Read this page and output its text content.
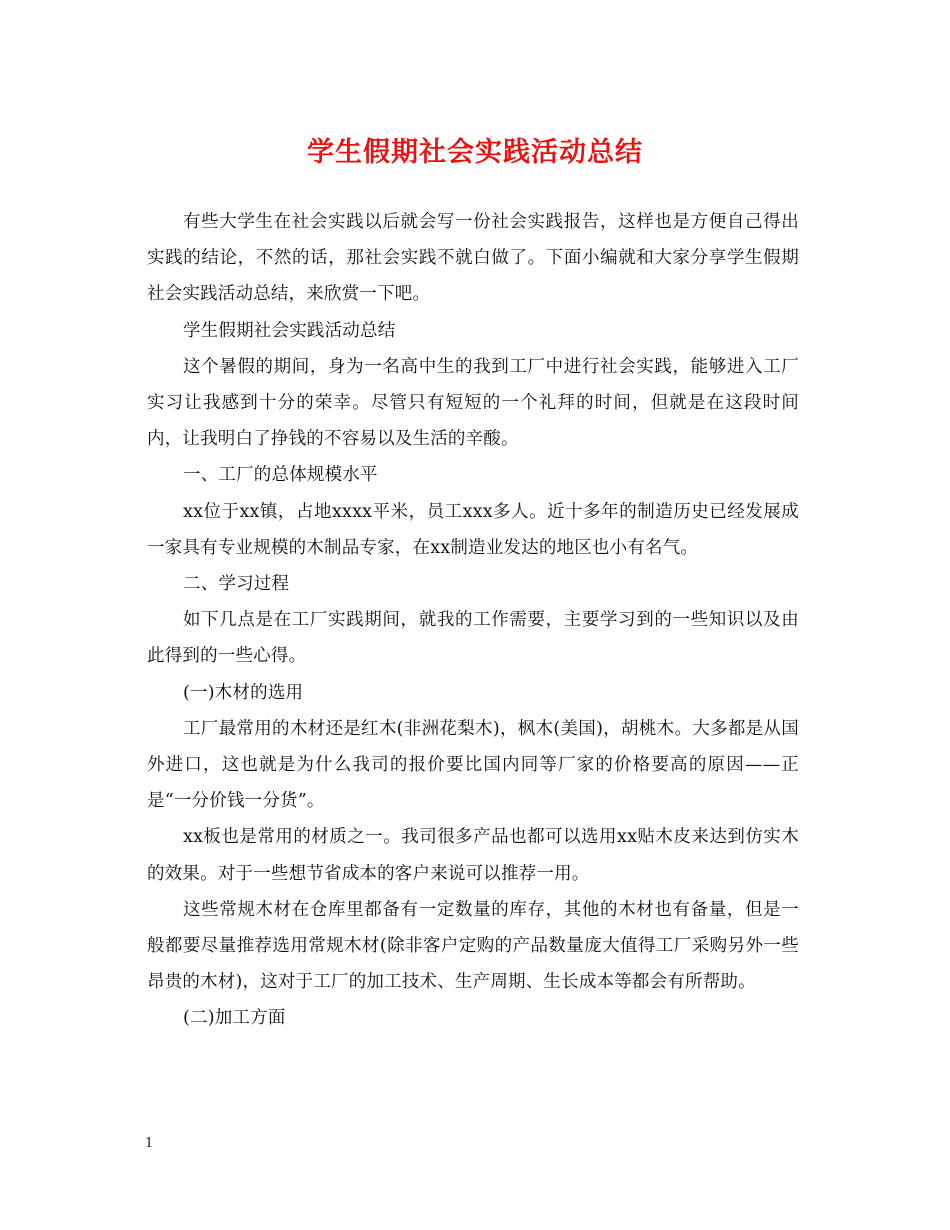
学生假期社会实践活动总结

有些大学生在社会实践以后就会写一份社会实践报告，这样也是方便自己得出实践的结论，不然的话，那社会实践不就白做了。下面小编就和大家分享学生假期社会实践活动总结，来欣赏一下吧。

学生假期社会实践活动总结

这个暑假的期间，身为一名高中生的我到工厂中进行社会实践，能够进入工厂实习让我感到十分的荣幸。尽管只有短短的一个礼拜的时间，但就是在这段时间内，让我明白了挣钱的不容易以及生活的辛酸。

一、工厂的总体规模水平

xx位于xx镇，占地xxxx平米，员工xxx多人。近十多年的制造历史已经发展成一家具有专业规模的木制品专家，在xx制造业发达的地区也小有名气。

二、学习过程

如下几点是在工厂实践期间，就我的工作需要，主要学习到的一些知识以及由此得到的一些心得。

(一)木材的选用

工厂最常用的木材还是红木(非洲花梨木)，枫木(美国)，胡桃木。大多都是从国外进口，这也就是为什么我司的报价要比国内同等厂家的价格要高的原因——正是“一分价钱一分货”。

xx板也是常用的材质之一。我司很多产品也都可以选用xx贴木皮来达到仿实木的效果。对于一些想节省成本的客户来说可以推荐一用。

这些常规木材在仓库里都备有一定数量的库存，其他的木材也有备量，但是一般都要尽量推荐选用常规木材(除非客户定购的产品数量庞大值得工厂采购另外一些昂贵的木材)，这对于工厂的加工技术、生产周期、生长成本等都会有所帮助。

(二)加工方面

1
